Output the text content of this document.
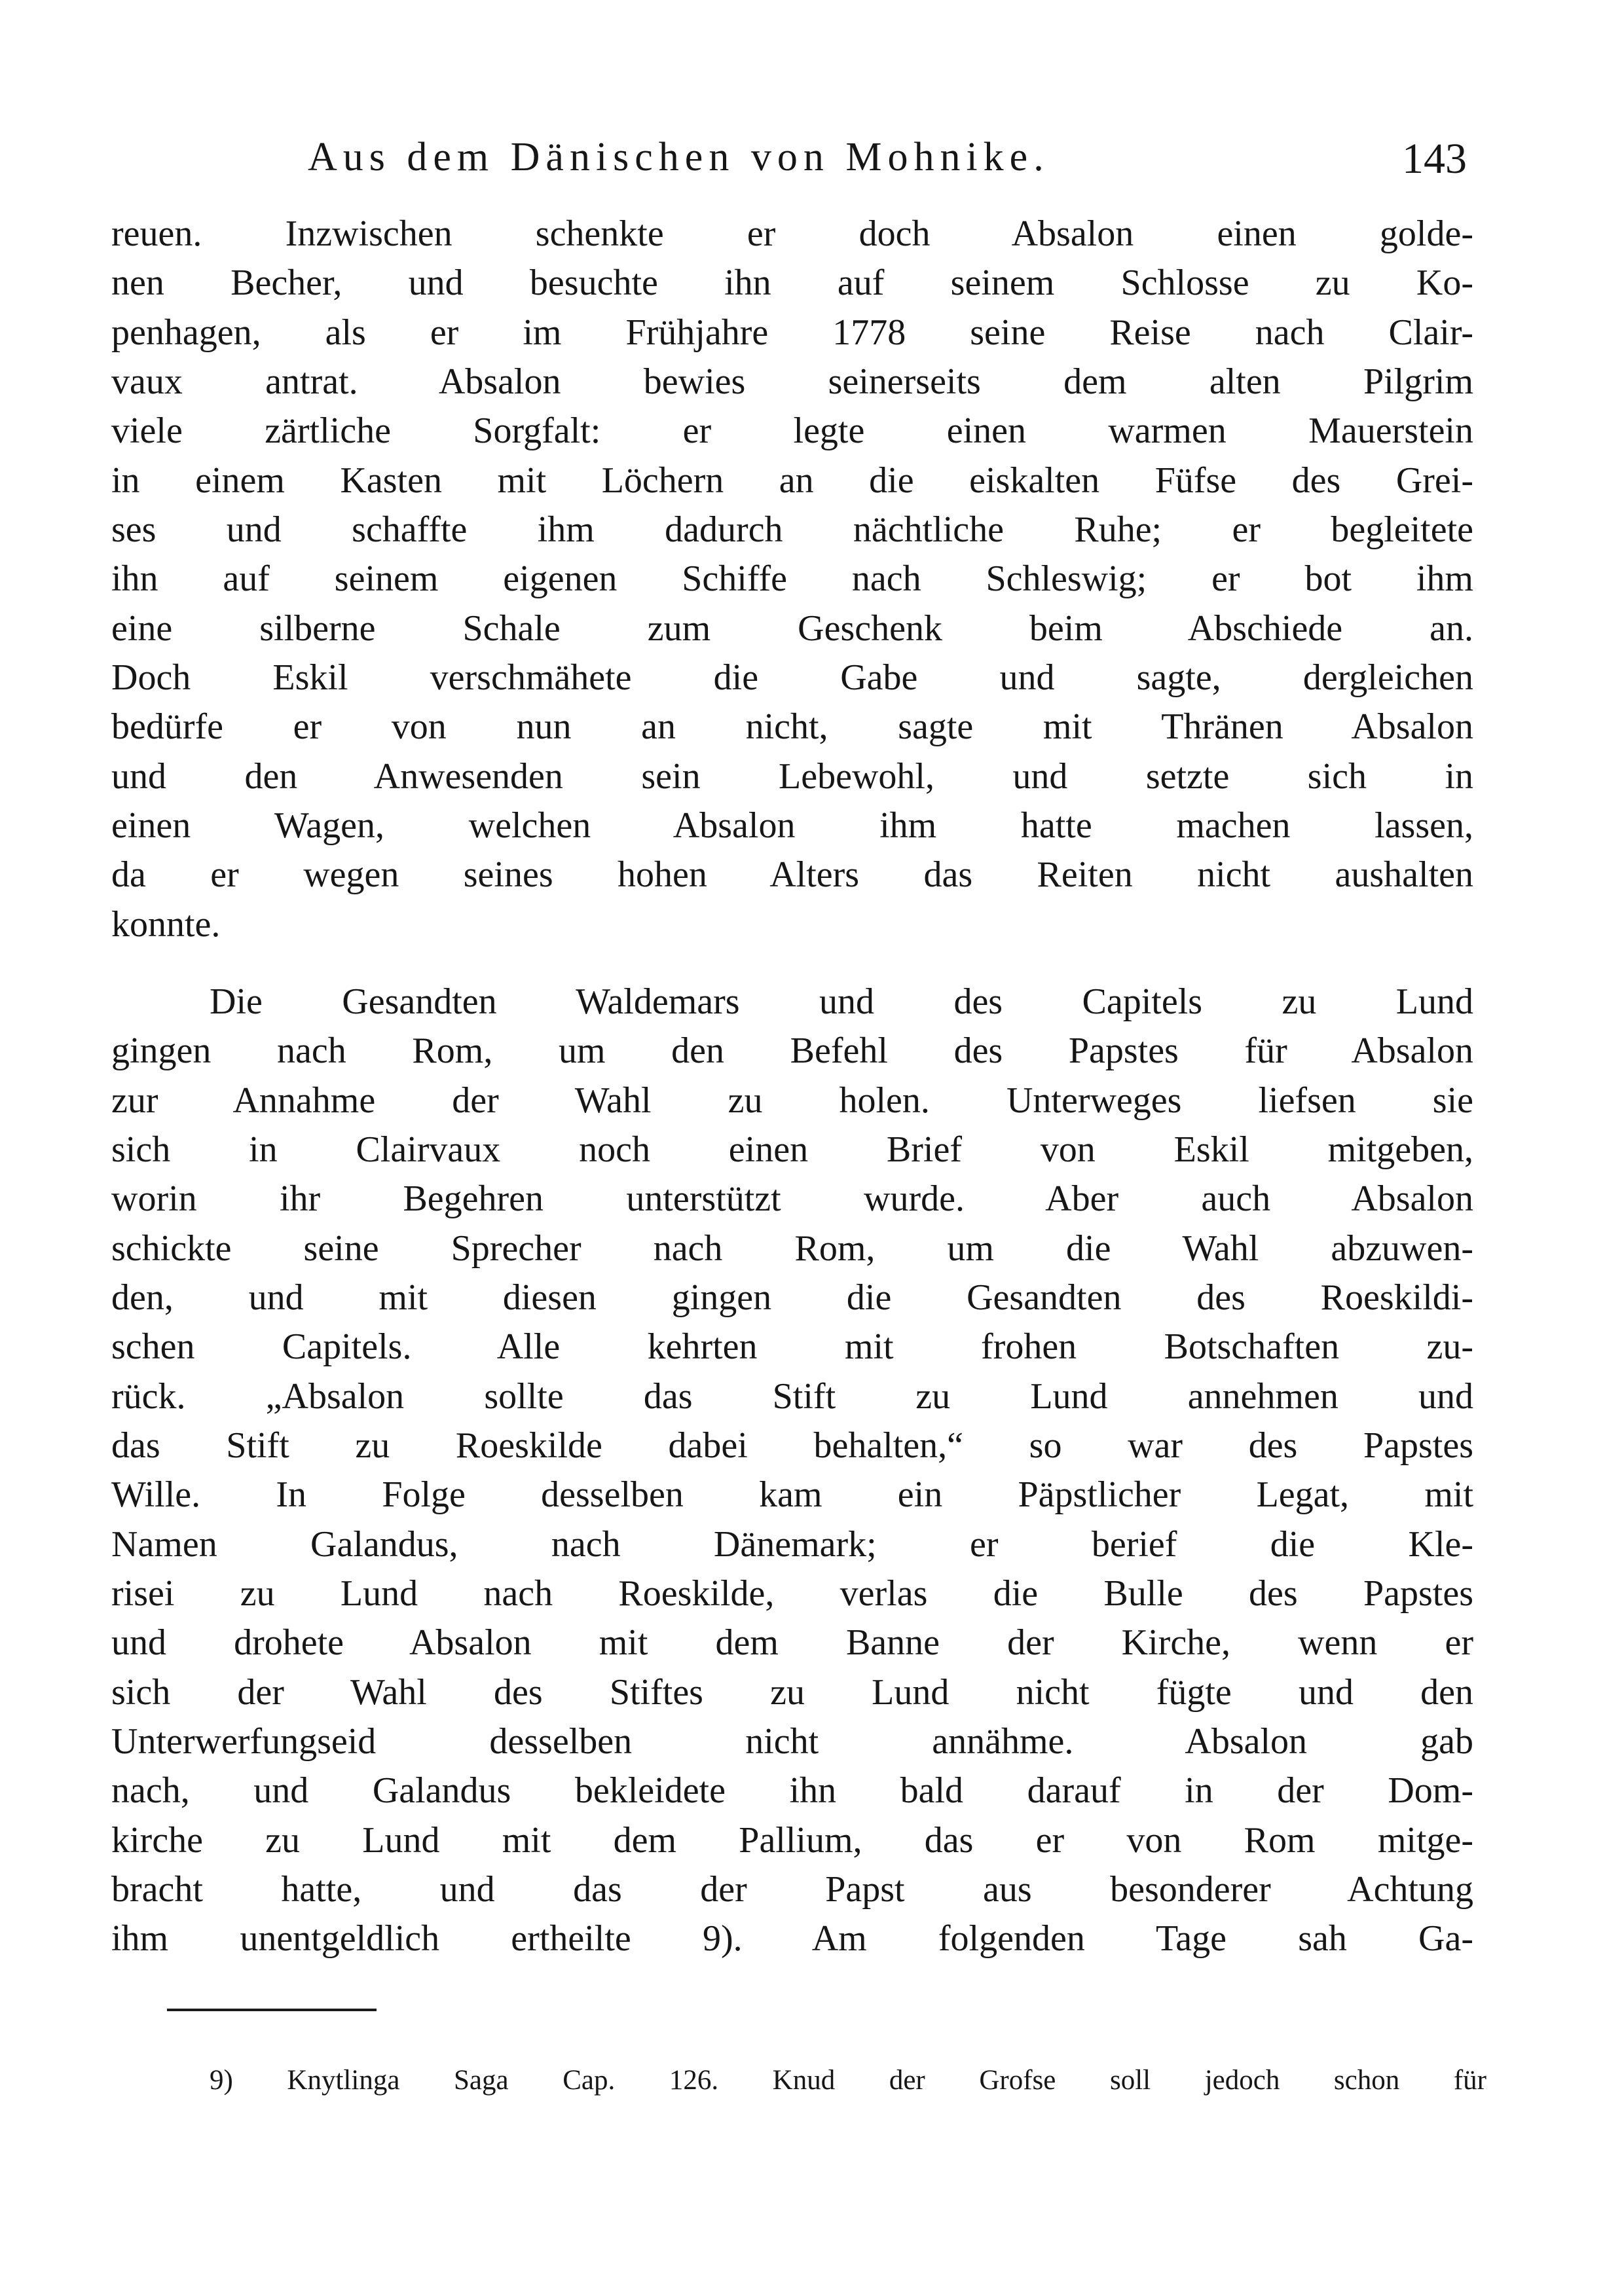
Aus dem Dänischen von Mohnike.	143
reuen. Inzwischen schenkte er doch Absalon einen golde-
nen Becher, und besuchte ihn auf seinem Schlosse zu Ko-
penhagen, als er im Frühjahre 1778 seine Reise nach Clair-
vaux antrat. Absalon bewies seinerseits dem alten Pilgrim
viele zärtliche Sorgfalt: er legte einen warmen Mauerstein
in einem Kasten mit Löchern an die eiskalten Füfse des Grei-
ses und schaffte ihm dadurch nächtliche Ruhe; er begleitete
ihn auf seinem eigenen Schiffe nach Schleswig; er bot ihm
eine silberne Schale zum Geschenk beim Abschiede an.
Doch Eskil verschmähete die Gabe und sagte, dergleichen
bedürfe er von nun an nicht, sagte mit Thränen Absalon
und den Anwesenden sein Lebewohl, und setzte sich in
einen Wagen, welchen Absalon ihm hatte machen lassen,
da er wegen seines hohen Alters das Reiten nicht aushalten
konnte.
Die Gesandten Waldemars und des Capitels zu Lund
gingen nach Rom, um den Befehl des Papstes für Absalon
zur Annahme der Wahl zu holen. Unterweges liefsen sie
sich in Clairvaux noch einen Brief von Eskil mitgeben,
worin ihr Begehren unterstützt wurde. Aber auch Absalon
schickte seine Sprecher nach Rom, um die Wahl abzuwen-
den, und mit diesen gingen die Gesandten des Roeskildi-
schen Capitels. Alle kehrten mit frohen Botschaften zu-
rück. „Absalon sollte das Stift zu Lund annehmen und
das Stift zu Roeskilde dabei behalten,“ so war des Papstes
Wille. In Folge desselben kam ein Päpstlicher Legat, mit
Namen Galandus, nach Dänemark; er berief die Kle-
risei zu Lund nach Roeskilde, verlas die Bulle des Papstes
und drohete Absalon mit dem Banne der Kirche, wenn er
sich der Wahl des Stiftes zu Lund nicht fügte und den
Unterwerfungseid desselben nicht annähme. Absalon gab
nach, und Galandus bekleidete ihn bald darauf in der Dom-
kirche zu Lund mit dem Pallium, das er von Rom mitge-
bracht hatte, und das der Papst aus besonderer Achtung
ihm unentgeldlich ertheilte 9). Am folgenden Tage sah Ga-
9) Knytlinga Saga Cap. 126. Knud der Grofse soll jedoch schon für
